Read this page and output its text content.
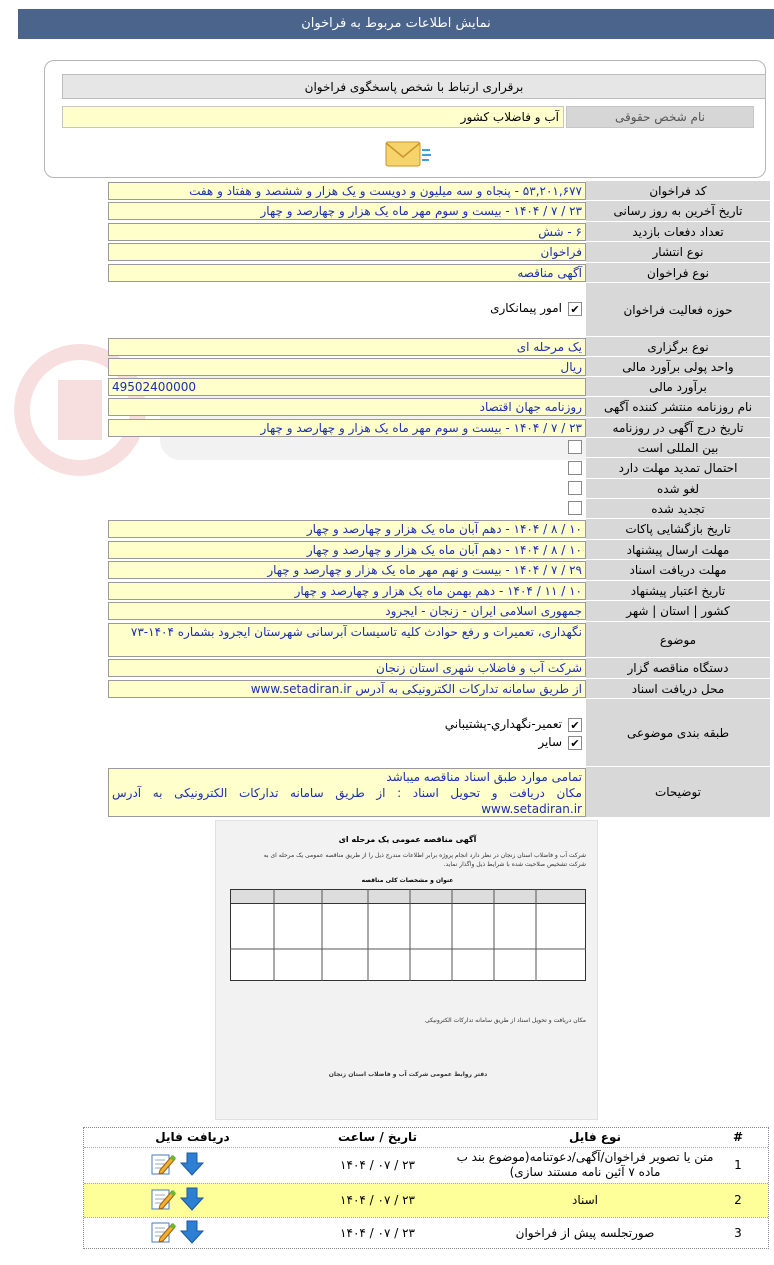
نمایش اطلاعات مربوط به فراخوان
برقراری ارتباط با شخص پاسخگوی فراخوان
نام شخص حقوقی
آب و فاضلاب کشور
کد فراخوان
۵۳,۲۰۱,۶۷۷ - پنجاه و سه میلیون و دویست و یک هزار و ششصد و هفتاد و هفت
تاریخ آخرین به روز رسانی
۲۳ / ۷ / ۱۴۰۴ - بیست و سوم مهر ماه یک هزار و چهارصد و چهار
تعداد دفعات بازدید
۶ - شش
نوع انتشار
فراخوان
نوع فراخوان
آگهی مناقصه
حوزه فعالیت فراخوان
✔
امور پیمانکاری
نوع برگزاری
یک مرحله ای
واحد پولی برآورد مالی
ریال
برآورد مالی
49502400000
نام روزنامه منتشر کننده آگهی
روزنامه جهان اقتصاد
تاریخ درج آگهی در روزنامه
۲۳ / ۷ / ۱۴۰۴ - بیست و سوم مهر ماه یک هزار و چهارصد و چهار
بین المللی است
احتمال تمدید مهلت دارد
لغو شده
تجدید شده
تاریخ بازگشایی پاکات
۱۰ / ۸ / ۱۴۰۴ - دهم آبان ماه یک هزار و چهارصد و چهار
مهلت ارسال پیشنهاد
۱۰ / ۸ / ۱۴۰۴ - دهم آبان ماه یک هزار و چهارصد و چهار
مهلت دریافت اسناد
۲۹ / ۷ / ۱۴۰۴ - بیست و نهم مهر ماه یک هزار و چهارصد و چهار
تاریخ اعتبار پیشنهاد
۱۰ / ۱۱ / ۱۴۰۴ - دهم بهمن ماه یک هزار و چهارصد و چهار
کشور | استان | شهر
جمهوری اسلامی ایران - زنجان - ایجرود
موضوع
نگهداری، تعمیرات و رفع حوادث کلیه تاسیسات آبرسانی شهرستان ایجرود بشماره ۱۴۰۴-۷۳
دستگاه مناقصه گزار
شرکت آب و فاضلاب شهری استان زنجان
محل دریافت اسناد
از طریق سامانه تدارکات الکترونیکی به آدرس www.setadiran.ir
طبقه بندی موضوعی
✔
تعمير-نگهداري-پشتيباني
✔
سایر
توضیحات
تمامی موارد طبق اسناد مناقصه میباشد
مکان دریافت و تحویل اسناد : از طریق سامانه تدارکات الکترونیکی به آدرس www.setadiran.ir
آگهی مناقصه عمومی یک مرحله ای
شرکت آب و فاضلاب استان زنجان در نظر دارد انجام پروژه برابر اطلاعات مندرج ذیل را از طریق مناقصه عمومی یک مرحله ای به
شرکت تشخیص صلاحیت شده با شرایط ذیل واگذار نماید.
عنوان و مشخصات کلی مناقصه
مکان دریافت و تحویل اسناد از طریق سامانه تدارکات الکترونیکی
دفتر روابط عمومی شرکت آب و فاضلاب استان زنجان
#
نوع فایل
تاریخ / ساعت
دریافت فایل
1
متن یا تصویر فراخوان/آگهی/دعوتنامه(موضوع بند ب ماده ۷ آئین نامه مستند سازی)
۲۳ / ۰۷ / ۱۴۰۴
2
اسناد
۲۳ / ۰۷ / ۱۴۰۴
3
صورتجلسه پیش از فراخوان
۲۳ / ۰۷ / ۱۴۰۴
